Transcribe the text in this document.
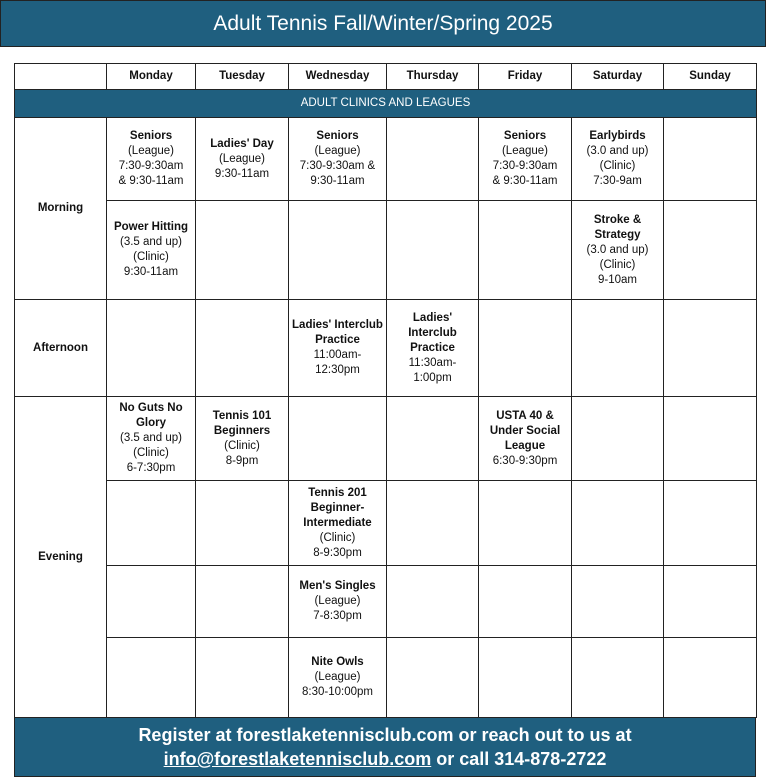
Adult Tennis Fall/Winter/Spring 2025
	Monday	Tuesday	Wednesday	Thursday	Friday	Saturday	Sunday
ADULT CLINICS AND LEAGUES							
Morning	Seniors
(League)
7:30-9:30am
& 9:30-11am	Ladies' Day
(League)
9:30-11am	Seniors
(League)
7:30-9:30am &
9:30-11am		Seniors
(League)
7:30-9:30am
& 9:30-11am	Earlybirds
(3.0 and up)
(Clinic)
7:30-9am	

	Power Hitting
(3.5 and up)
(Clinic)
9:30-11am					Stroke & Strategy
(3.0 and up)
(Clinic)
9-10am	

Afternoon			Ladies' Interclub Practice
11:00am-
12:30pm	Ladies' Interclub Practice
11:30am-
1:00pm			

Evening	No Guts No Glory
(3.5 and up)
(Clinic)
6-7:30pm	Tennis 101 Beginners
(Clinic)
8-9pm			USTA 40 & Under Social League
6:30-9:30pm		

			Tennis 201 Beginner-Intermediate
(Clinic)
8-9:30pm				

			Men's Singles
(League)
7-8:30pm				

			Nite Owls
(League)
8:30-10:00pm				

Register at forestlaketennisclub.com or reach out to us at
info@forestlaketennisclub.com or call 314-878-2722
